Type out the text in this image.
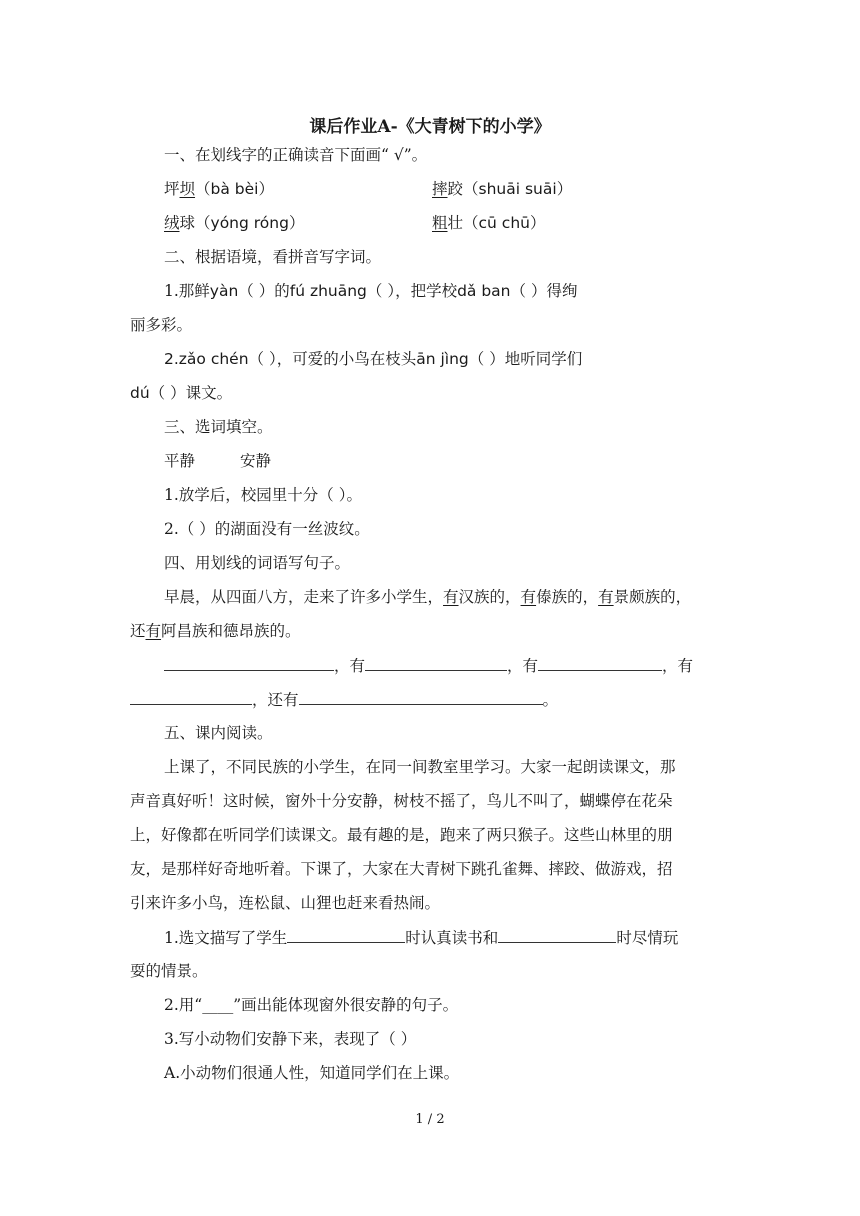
课后作业A-《大青树下的小学》
一、在划线字的正确读音下面画“ √”。
坪坝（bà bèi）	摔跤（shuāi suāi）
绒球（yóng róng）	粗壮（cū chū）
二、根据语境，看拼音写字词。
1.那鲜yàn（ ）的fú zhuāng（ ），把学校dǎ ban（ ）得绚
丽多彩。
2.zǎo chén（ ），可爱的小鸟在枝头ān jìng（ ）地听同学们
dú（ ）课文。
三、选词填空。
平静	安静
1.放学后，校园里十分（ ）。
2.（ ）的湖面没有一丝波纹。
四、用划线的词语写句子。
早晨，从四面八方，走来了许多小学生，有汉族的，有傣族的，有景颇族的，
还有阿昌族和德昂族的。
，有	，有	，有
，还有	。
五、课内阅读。
上课了，不同民族的小学生，在同一间教室里学习。大家一起朗读课文，那
声音真好听！这时候，窗外十分安静，树枝不摇了，鸟儿不叫了，蝴蝶停在花朵
上，好像都在听同学们读课文。最有趣的是，跑来了两只猴子。这些山林里的朋
友，是那样好奇地听着。下课了，大家在大青树下跳孔雀舞、摔跤、做游戏，招
引来许多小鸟，连松鼠、山狸也赶来看热闹。
1.选文描写了学生	时认真读书和	时尽情玩
耍的情景。
2.用“____”画出能体现窗外很安静的句子。
3.写小动物们安静下来，表现了（ ）
A.小动物们很通人性，知道同学们在上课。
1 / 2
